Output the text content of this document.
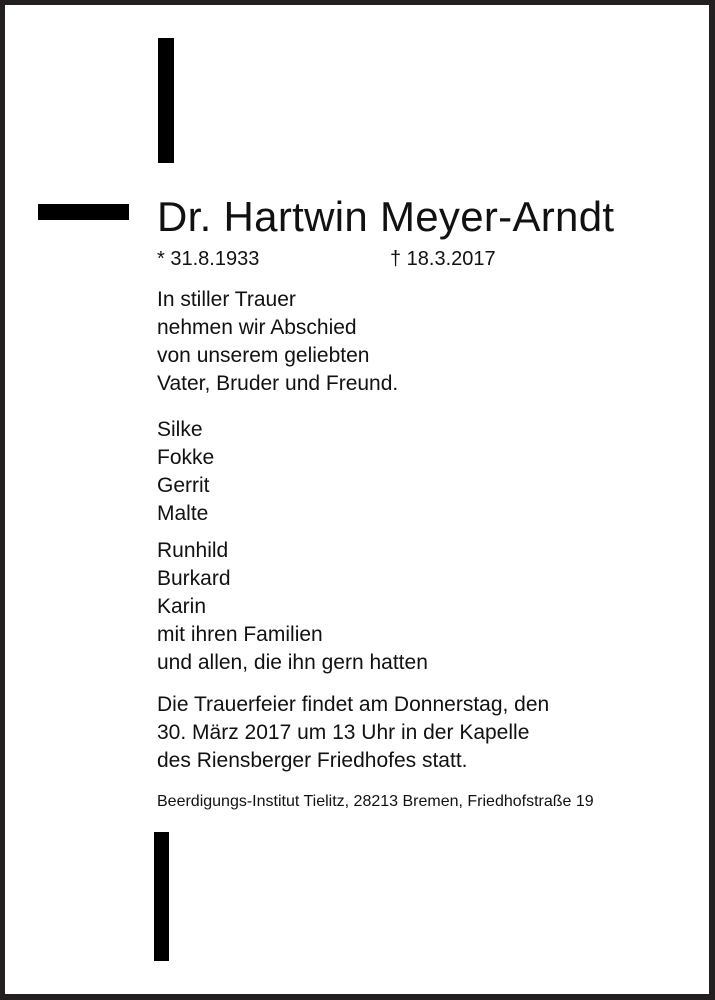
Dr. Hartwin Meyer-Arndt
* 31.8.1933	† 18.3.2017
In stiller Trauer
nehmen wir Abschied
von unserem geliebten
Vater, Bruder und Freund.
Silke
Fokke
Gerrit
Malte
Runhild
Burkard
Karin
mit ihren Familien
und allen, die ihn gern hatten
Die Trauerfeier findet am Donnerstag, den
30. März 2017 um 13 Uhr in der Kapelle
des Riensberger Friedhofes statt.
Beerdigungs-Institut Tielitz, 28213 Bremen, Friedhofstraße 19
